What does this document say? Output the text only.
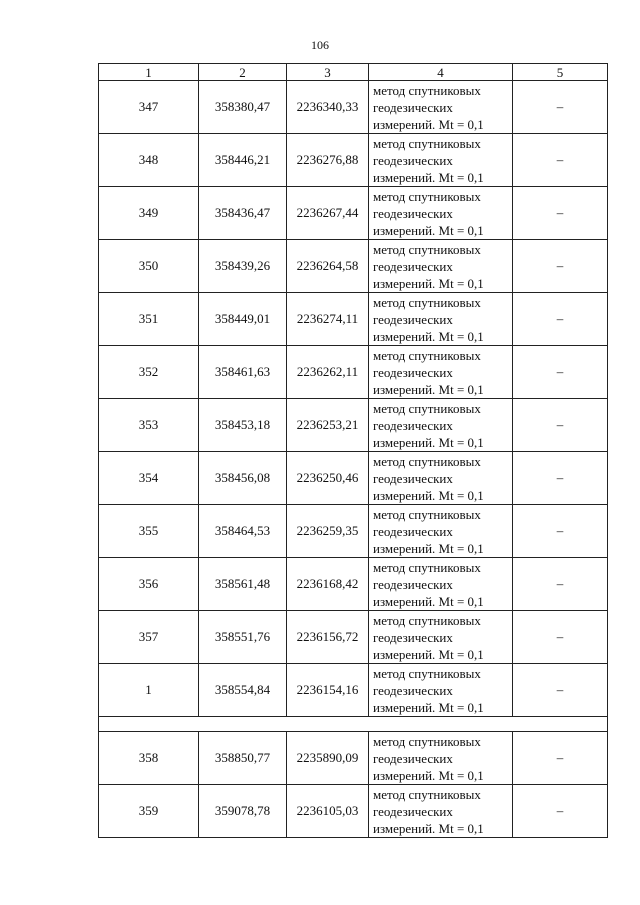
106
1	2	3	4	5
347	358380,47	2236340,33	метод спутниковых
геодезических
измерений. Mt = 0,1	–
348	358446,21	2236276,88	метод спутниковых
геодезических
измерений. Mt = 0,1	–
349	358436,47	2236267,44	метод спутниковых
геодезических
измерений. Mt = 0,1	–
350	358439,26	2236264,58	метод спутниковых
геодезических
измерений. Mt = 0,1	–
351	358449,01	2236274,11	метод спутниковых
геодезических
измерений. Mt = 0,1	–
352	358461,63	2236262,11	метод спутниковых
геодезических
измерений. Mt = 0,1	–
353	358453,18	2236253,21	метод спутниковых
геодезических
измерений. Mt = 0,1	–
354	358456,08	2236250,46	метод спутниковых
геодезических
измерений. Mt = 0,1	–
355	358464,53	2236259,35	метод спутниковых
геодезических
измерений. Mt = 0,1	–
356	358561,48	2236168,42	метод спутниковых
геодезических
измерений. Mt = 0,1	–
357	358551,76	2236156,72	метод спутниковых
геодезических
измерений. Mt = 0,1	–
1	358554,84	2236154,16	метод спутниковых
геодезических
измерений. Mt = 0,1	–

358	358850,77	2235890,09	метод спутниковых
геодезических
измерений. Mt = 0,1	–
359	359078,78	2236105,03	метод спутниковых
геодезических
измерений. Mt = 0,1	–
